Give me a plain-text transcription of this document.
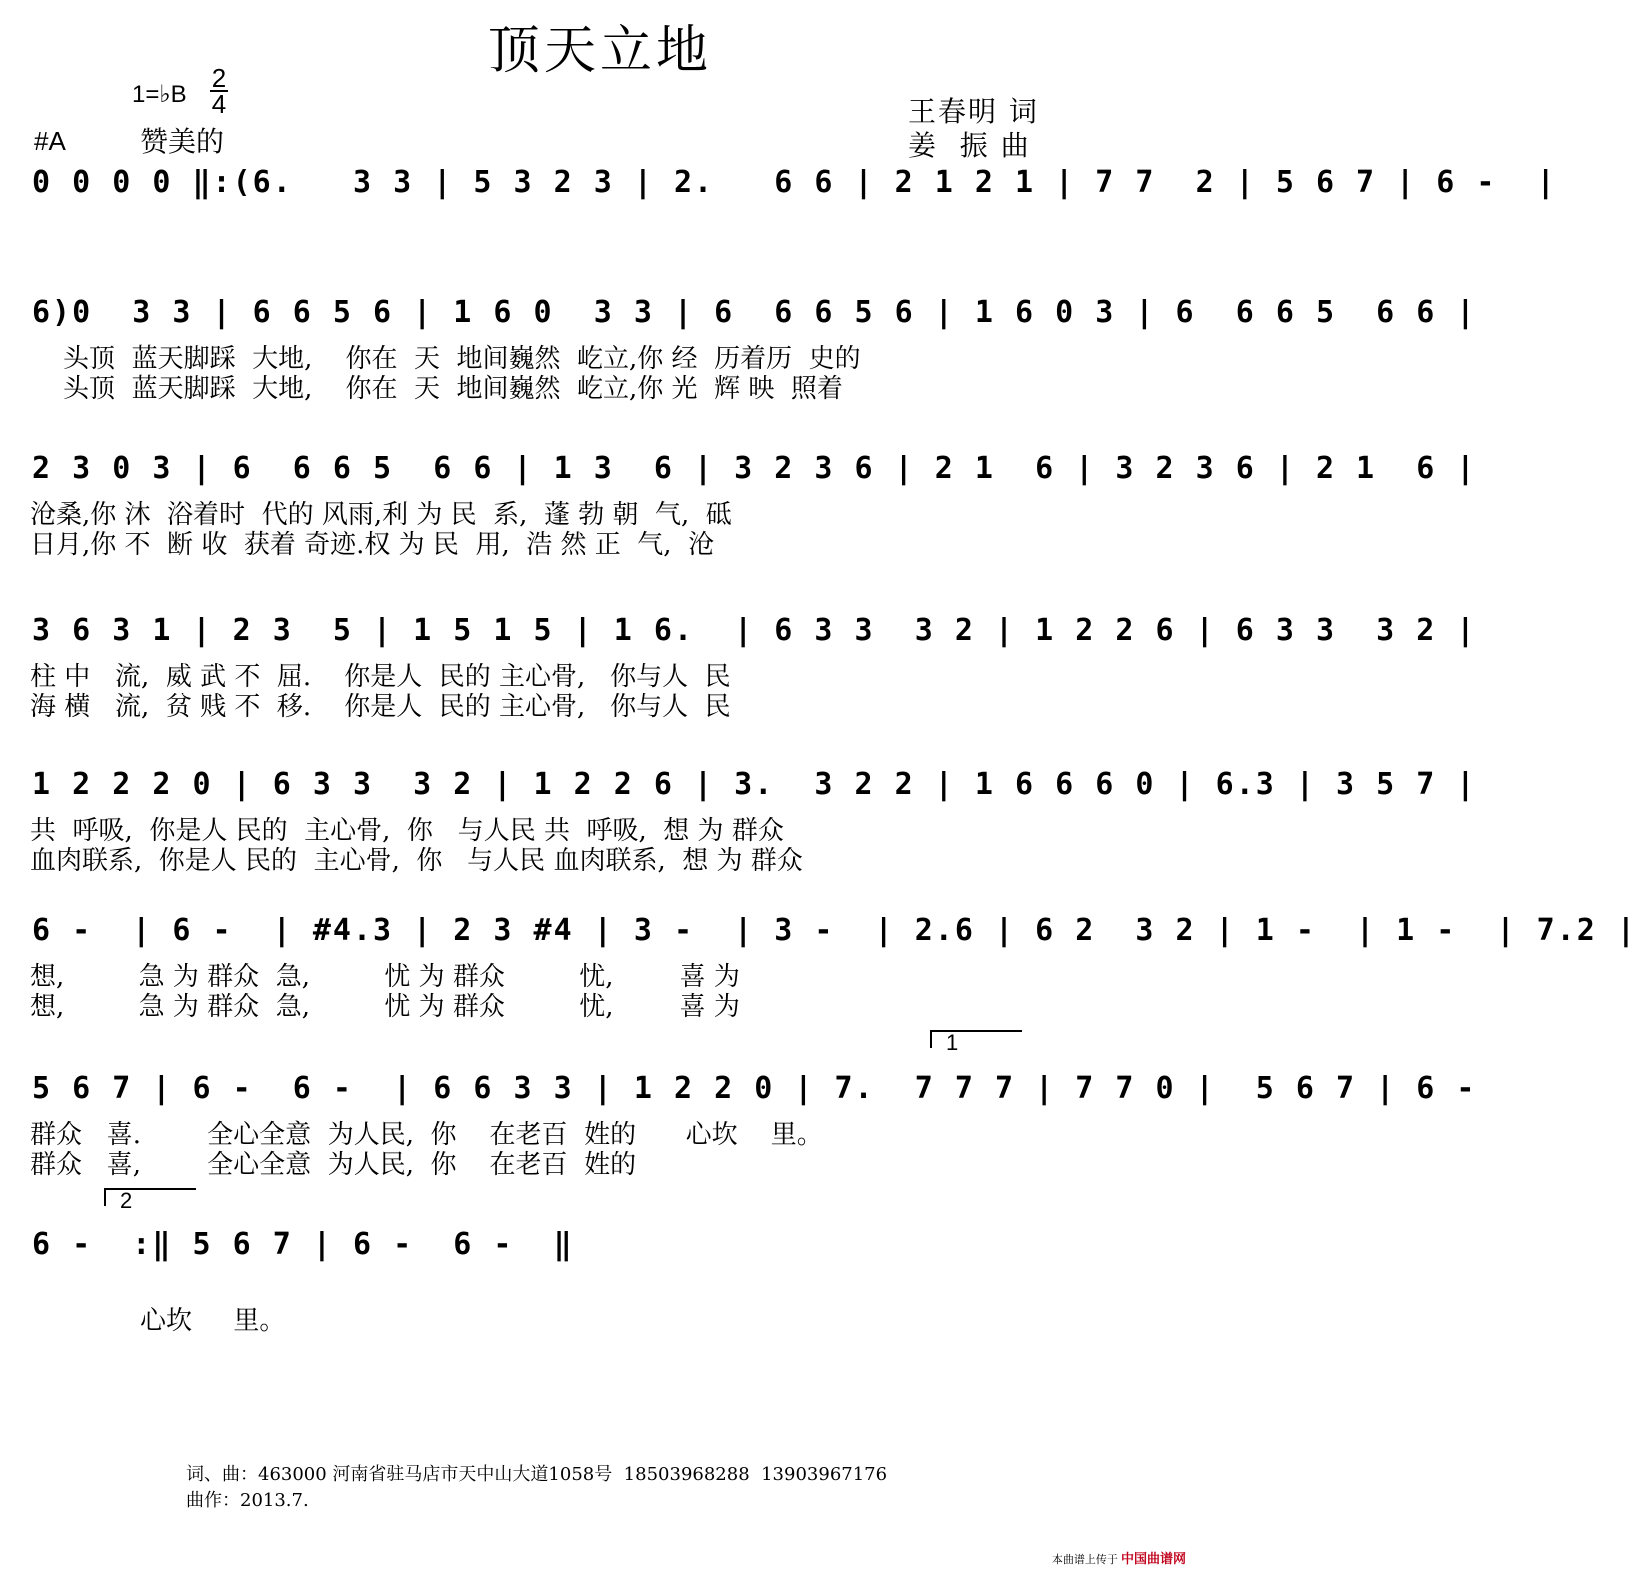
顶天立地
1=♭B
2
4
#A	赞美的
王春明 词
姜  振 曲
0 0 0 0 ‖:(6.   3 3 | 5 3 2 3 | 2.   6 6 | 2 1 2 1 | 7 7  2 | 5 6 7 | 6 -  |
6)0  3 3 | 6 6 5 6 | 1 6 0  3 3 | 6  6 6 5 6 | 1 6 0 3 | 6  6 6 5  6 6 |
头顶  蓝天脚踩  大地,    你在  天  地间巍然  屹立,你 经  历着历  史的
头顶  蓝天脚踩  大地,    你在  天  地间巍然  屹立,你 光  辉 映  照着
2 3 0 3 | 6  6 6 5  6 6 | 1 3  6 | 3 2 3 6 | 2 1  6 | 3 2 3 6 | 2 1  6 |
沧桑,你 沐  浴着时  代的 风雨,利 为 民  系,  蓬 勃 朝  气,  砥
日月,你 不  断 收  获着 奇迹.权 为 民  用,  浩 然 正  气,  沧
3 6 3 1 | 2 3  5 | 1 5 1 5 | 1 6.  | 6 3 3  3 2 | 1 2 2 6 | 6 3 3  3 2 |
柱 中   流,  威 武 不  屈.    你是人  民的 主心骨,   你与人  民
海 横   流,  贫 贱 不  移.    你是人  民的 主心骨,   你与人  民
1 2 2 2 0 | 6 3 3  3 2 | 1 2 2 6 | 3.  3 2 2 | 1 6 6 6 0 | 6.3 | 3 5 7 |
共  呼吸,  你是人 民的  主心骨,  你   与人民 共  呼吸,  想 为 群众
血肉联系,  你是人 民的  主心骨,  你   与人民 血肉联系,  想 为 群众
6 -  | 6 -  | #4.3 | 2 3 #4 | 3 -  | 3 -  | 2.6 | 6 2  3 2 | 1 -  | 1 -  | 7.2 |
想,         急 为 群众  急,         忧 为 群众         忧,        喜 为
想,         急 为 群众  急,         忧 为 群众         忧,        喜 为
1
5 6 7 | 6 -  6 -  | 6 6 3 3 | 1 2 2 0 | 7.  7 7 7 | 7 7 0 |  5 6 7 | 6 -
群众   喜.        全心全意  为人民,  你    在老百  姓的      心坎    里。
群众   喜,        全心全意  为人民,  你    在老百  姓的
2
6 -  :‖ 5 6 7 | 6 -  6 -  ‖
心坎     里。
词、曲：463000 河南省驻马店市天中山大道1058号  18503968288  13903967176
曲作：2013.7.
本曲谱上传于 中国曲谱网
